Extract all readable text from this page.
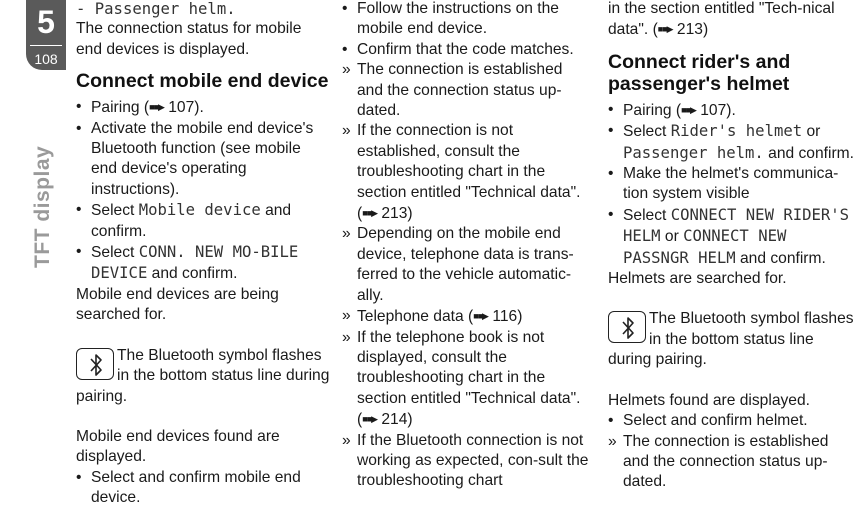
5
108
TFT display
- Passenger helm.
The connection status for mobile end devices is displayed.
Connect mobile end device
• Pairing (■■▶ 107).
• Activate the mobile end device's Bluetooth function (see mobile end device's operating instructions).
• Select Mobile device and confirm.
• Select CONN. NEW MO-BILE DEVICE and confirm.
Mobile end devices are being searched for.
The Bluetooth symbol flashes in the bottom status line during pairing.
Mobile end devices found are displayed.
• Select and confirm mobile end device.
• Follow the instructions on the mobile end device.
• Confirm that the code matches.
» The connection is established and the connection status up-dated.
» If the connection is not established, consult the troubleshooting chart in the section entitled "Technical data". (■■▶ 213)
» Depending on the mobile end device, telephone data is trans-ferred to the vehicle automatic-ally.
» Telephone data (■■▶ 116)
» If the telephone book is not displayed, consult the troubleshooting chart in the section entitled "Technical data". (■■▶ 214)
» If the Bluetooth connection is not working as expected, con-sult the troubleshooting chart
in the section entitled "Tech-nical data". (■■▶ 213)
Connect rider's and passenger's helmet
• Pairing (■■▶ 107).
• Select Rider's helmet or Passenger helm. and confirm.
• Make the helmet's communica-tion system visible
• Select CONNECT NEW RIDER'S HELM or CONNECT NEW PASSNGR HELM and confirm.
Helmets are searched for.
The Bluetooth symbol flashes in the bottom status line during pairing.
Helmets found are displayed.
• Select and confirm helmet.
» The connection is established and the connection status up-dated.
